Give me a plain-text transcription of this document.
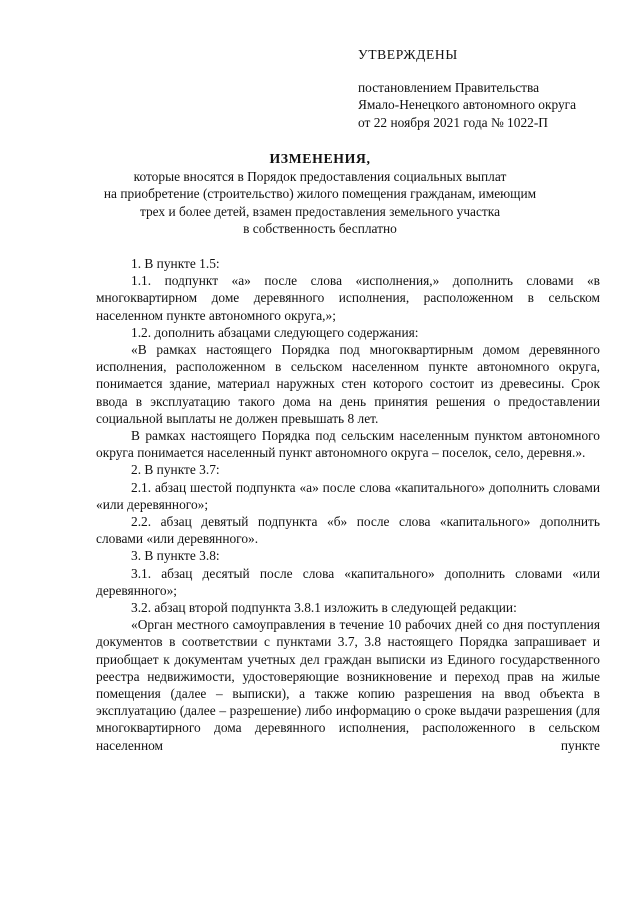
УТВЕРЖДЕНЫ
постановлением Правительства
Ямало-Ненецкого автономного округа
от 22 ноября 2021 года № 1022-П
ИЗМЕНЕНИЯ,
которые вносятся в Порядок предоставления социальных выплат
на приобретение (строительство) жилого помещения гражданам, имеющим
трех и более детей, взамен предоставления земельного участка
в собственность бесплатно

1. В пункте 1.5:

1.1. подпункт «а» после слова «исполнения,» дополнить словами «в многоквартирном доме деревянного исполнения, расположенном в сельском населенном пункте автономного округа,»;

1.2. дополнить абзацами следующего содержания:

«В рамках настоящего Порядка под многоквартирным домом деревянного исполнения, расположенном в сельском населенном пункте автономного округа, понимается здание, материал наружных стен которого состоит из древесины. Срок ввода в эксплуатацию такого дома на день принятия решения о предоставлении социальной выплаты не должен превышать 8 лет.

В рамках настоящего Порядка под сельским населенным пунктом автономного округа понимается населенный пункт автономного округа – поселок, село, деревня.».

2. В пункте 3.7:

2.1. абзац шестой подпункта «а» после слова «капитального» дополнить словами «или деревянного»;

2.2. абзац девятый подпункта «б» после слова «капитального» дополнить словами «или деревянного».

3. В пункте 3.8:

3.1. абзац десятый после слова «капитального» дополнить словами «или деревянного»;

3.2. абзац второй подпункта 3.8.1 изложить в следующей редакции:

«Орган местного самоуправления в течение 10 рабочих дней со дня поступления документов в соответствии с пунктами 3.7, 3.8 настоящего Порядка запрашивает и приобщает к документам учетных дел граждан выписки из Единого государственного реестра недвижимости, удостоверяющие возникновение и переход прав на жилые помещения (далее – выписки), а также копию разрешения на ввод объекта в эксплуатацию (далее – разрешение) либо информацию о сроке выдачи разрешения (для многоквартирного дома деревянного исполнения, расположенного в сельском населенном пункте
